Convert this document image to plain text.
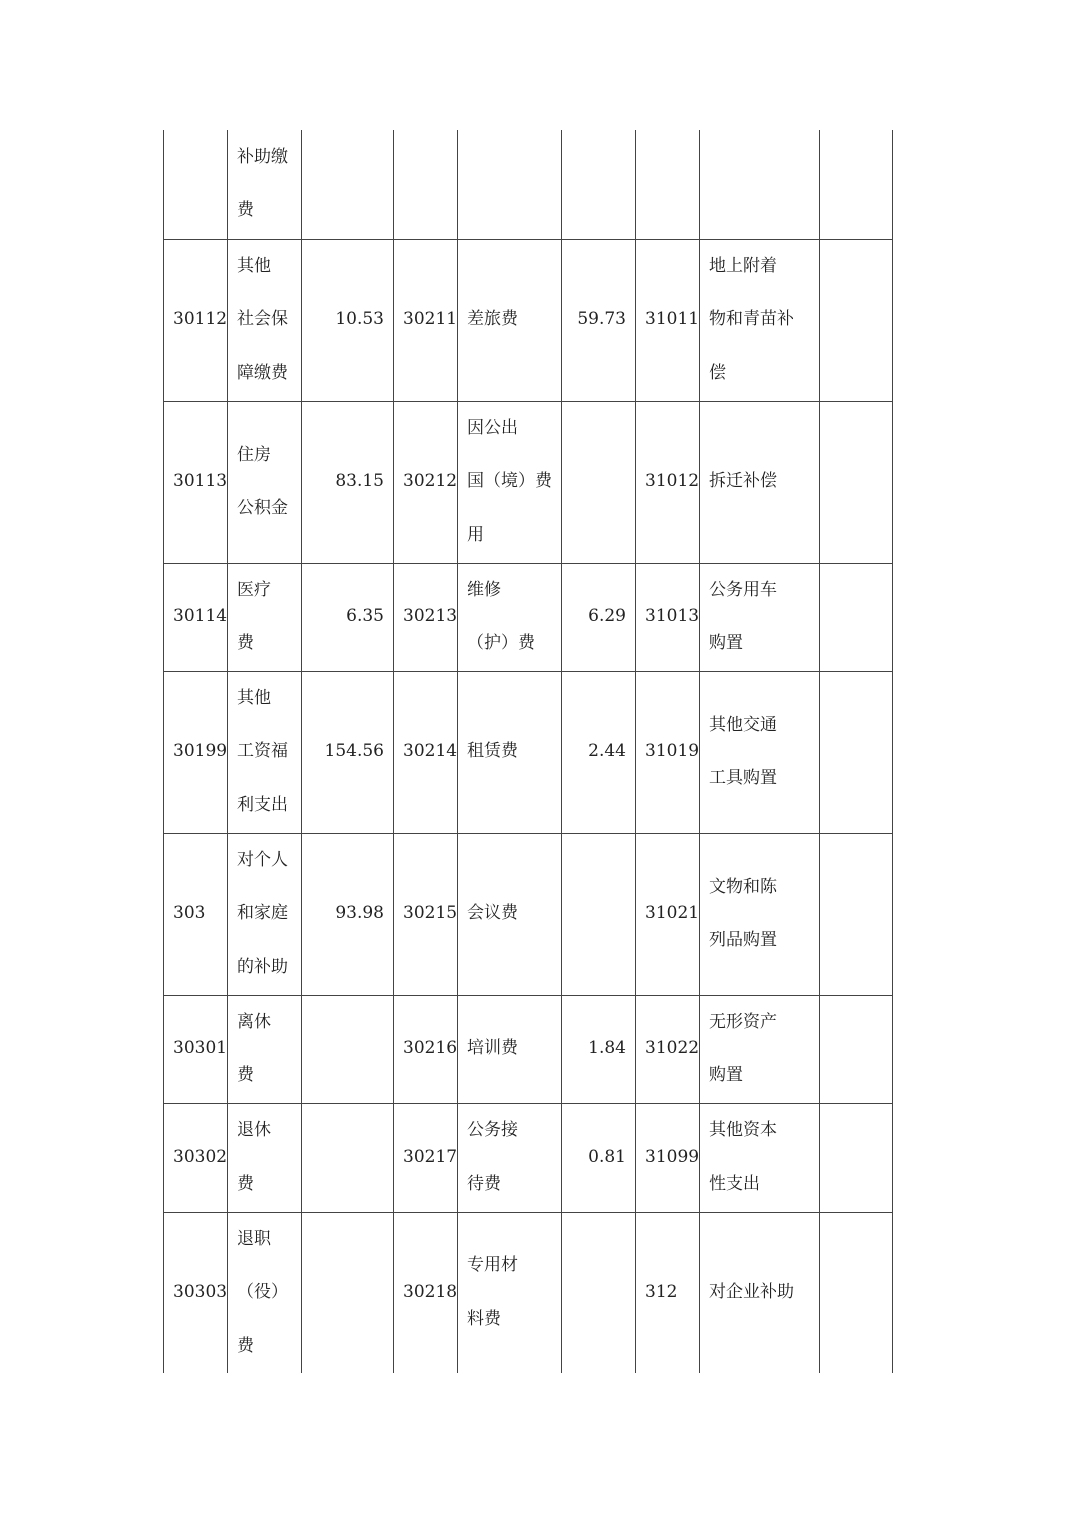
	补助缴
费							

30112	其他
社会保
障缴费	10.53	30211	差旅费	59.73	31011	地上附着
物和青苗补
偿	

30113	住房
公积金	83.15	30212	因公出
国（境）费
用		31012	拆迁补偿	

30114	医疗
费	6.35	30213	维修
（护）费	6.29	31013	公务用车
购置	

30199	其他
工资福
利支出	154.56	30214	租赁费	2.44	31019	其他交通
工具购置	

303	对个人
和家庭
的补助	93.98	30215	会议费		31021	文物和陈
列品购置	

30301	离休
费		30216	培训费	1.84	31022	无形资产
购置	

30302	退休
费		30217	公务接
待费	0.81	31099	其他资本
性支出	

30303	退职
（役）
费		30218	专用材
料费		312	对企业补助	
